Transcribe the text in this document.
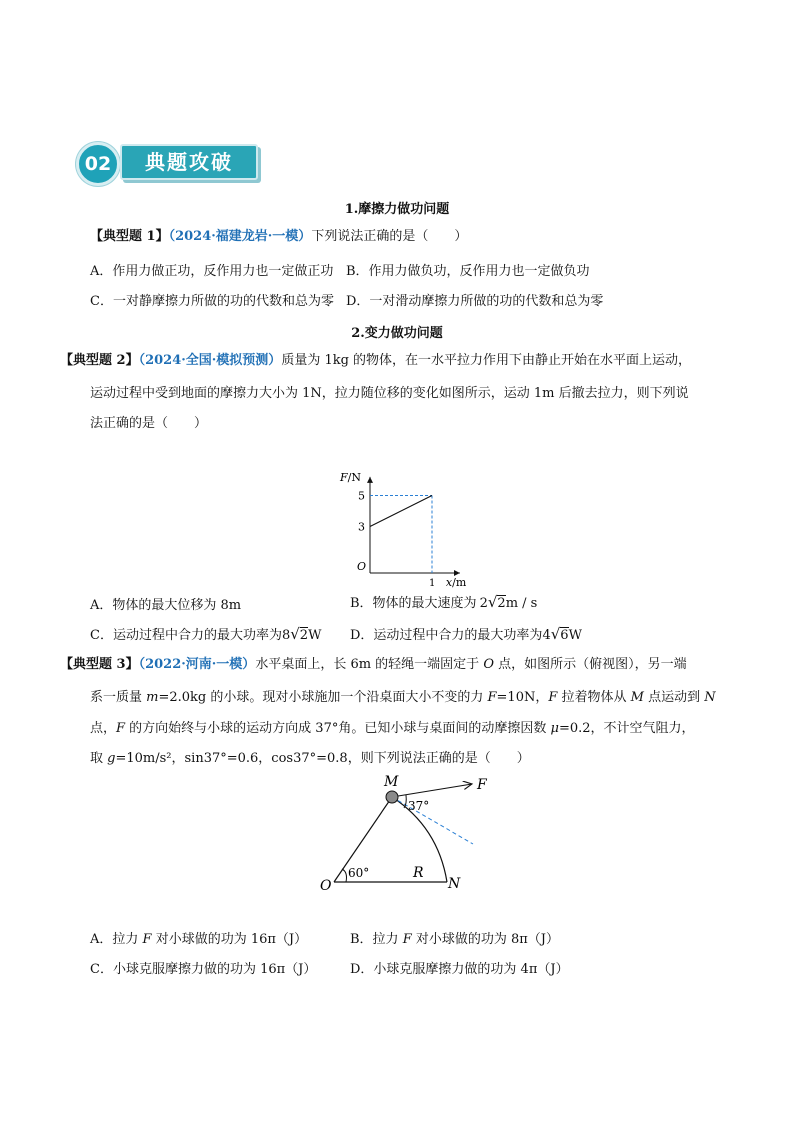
02	典题攻破
1.摩擦力做功问题
【典型题 1】（2024·福建龙岩·一模）下列说法正确的是（　　）
A．作用力做正功，反作用力也一定做正功 B．作用力做负功，反作用力也一定做负功
C．一对静摩擦力所做的功的代数和总为零 D．一对滑动摩擦力所做的功的代数和总为零
2.变力做功问题
【典型题 2】（2024·全国·模拟预测）质量为 1kg 的物体，在一水平拉力作用下由静止开始在水平面上运动，
运动过程中受到地面的摩擦力大小为 1N，拉力随位移的变化如图所示，运动 1m 后撤去拉力，则下列说
法正确的是（　　）
F/N
x/m
O
3
5
1
A．物体的最大位移为 8m	B．物体的最大速度为 2√2m / s
C．运动过程中合力的最大功率为8√2W D．运动过程中合力的最大功率为4√6W
【典型题 3】（2022·河南·一模）水平桌面上，长 6m 的轻绳一端固定于 O 点，如图所示（俯视图），另一端
系一质量 m=2.0kg 的小球。现对小球施加一个沿桌面大小不变的力 F=10N，F 拉着物体从 M 点运动到 N
点，F 的方向始终与小球的运动方向成 37°角。已知小球与桌面间的动摩擦因数 μ=0.2，不计空气阻力，
取 g=10m/s²，sin37°=0.6，cos37°=0.8，则下列说法正确的是（　　）
M	F
37°
60°	R
O	N
A．拉力 F 对小球做的功为 16π（J）	B．拉力 F 对小球做的功为 8π（J）
C．小球克服摩擦力做的功为 16π（J）	D．小球克服摩擦力做的功为 4π（J）
